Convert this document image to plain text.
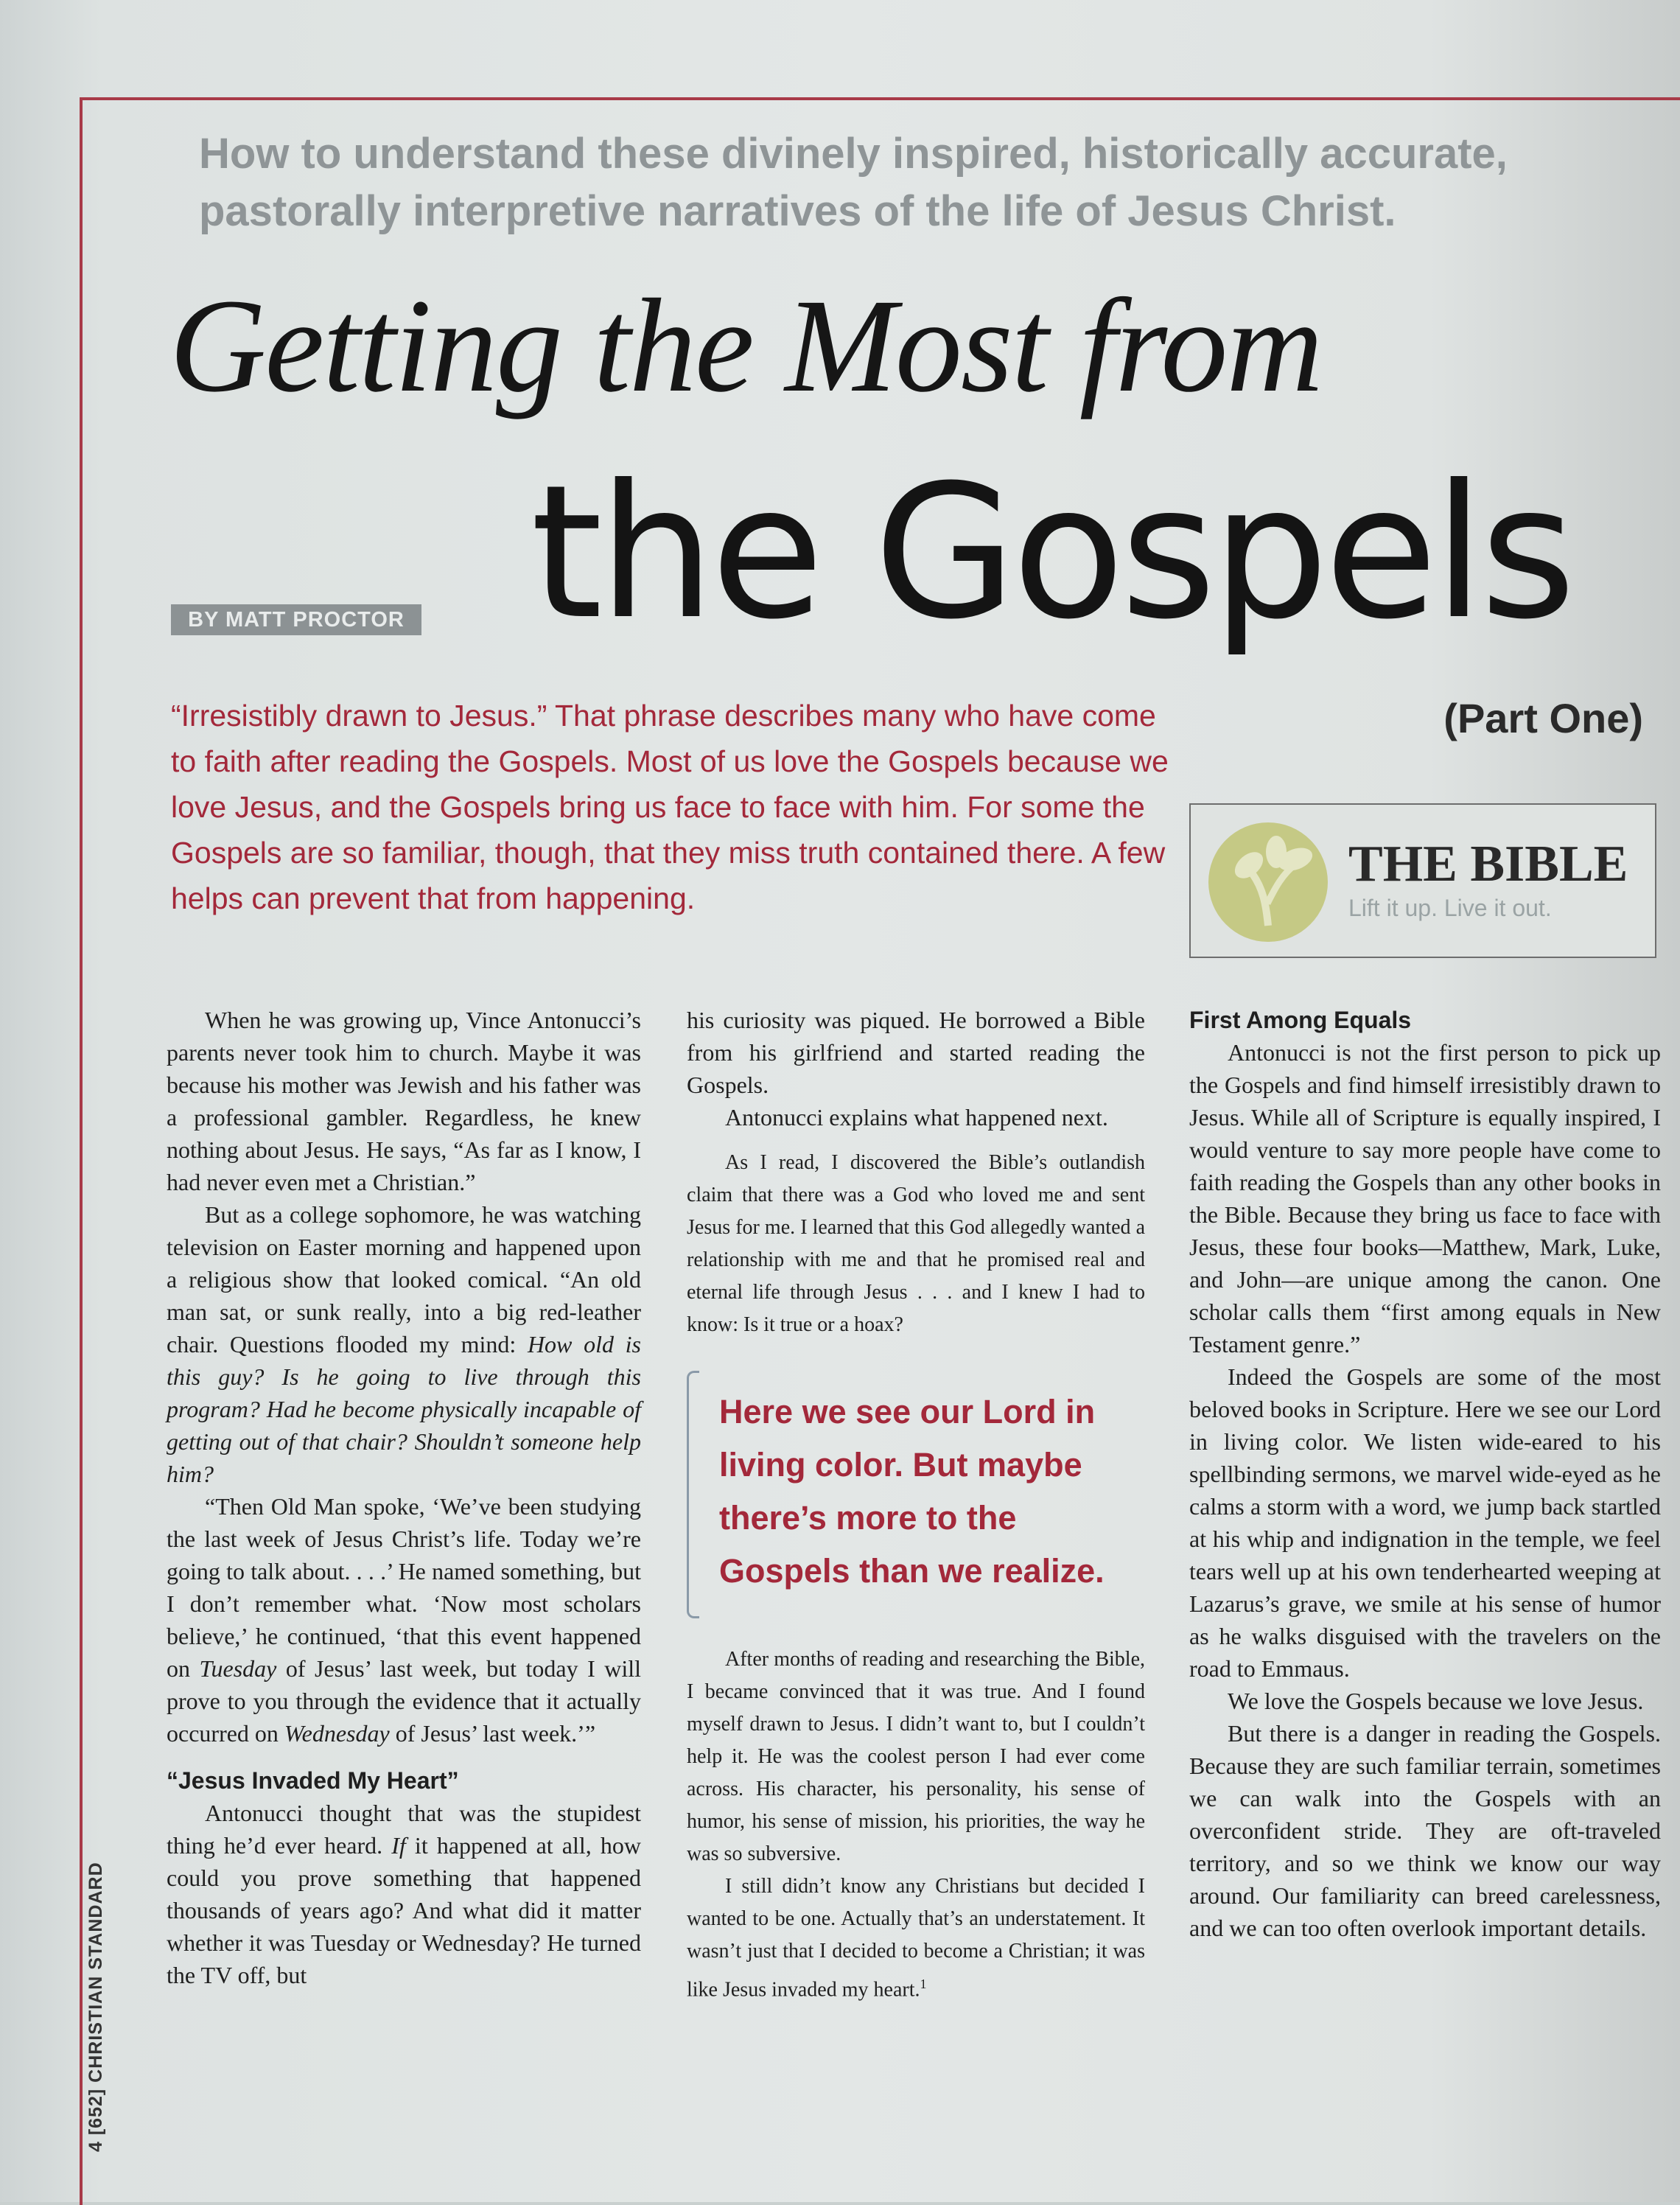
How to understand these divinely inspired, historically accurate, pastorally interpretive narratives of the life of Jesus Christ.
Getting the Most from
the Gospels
BY MATT PROCTOR
(Part One)
“Irresistibly drawn to Jesus.” That phrase describes many who have come to faith after reading the Gospels. Most of us love the Gospels because we love Jesus, and the Gospels bring us face to face with him. For some the Gospels are so familiar, though, that they miss truth contained there. A few helps can prevent that from happening.
THE BIBLE
Lift it up. Live it out.

When he was growing up, Vince Antonucci’s parents never took him to church. Maybe it was because his mother was Jewish and his father was a professional gambler. Regardless, he knew nothing about Jesus. He says, “As far as I know, I had never even met a Christian.”

But as a college sophomore, he was watching television on Easter morning and happened upon a religious show that looked comical. “An old man sat, or sunk really, into a big red-leather chair. Questions flooded my mind: How old is this guy? Is he going to live through this program? Had he become physically incapable of getting out of that chair? Shouldn’t someone help him?

“Then Old Man spoke, ‘We’ve been studying the last week of Jesus Christ’s life. Today we’re going to talk about. . . .’ He named something, but I don’t remember what. ‘Now most scholars believe,’ he continued, ‘that this event happened on Tuesday of Jesus’ last week, but today I will prove to you through the evidence that it actually occurred on Wednesday of Jesus’ last week.’”

“Jesus Invaded My Heart”

Antonucci thought that was the stupidest thing he’d ever heard. If it happened at all, how could you prove something that happened thousands of years ago? And what did it matter whether it was Tuesday or Wednesday? He turned the TV off, but

his curiosity was piqued. He borrowed a Bible from his girlfriend and started reading the Gospels.

Antonucci explains what happened next.

As I read, I discovered the Bible’s outlandish claim that there was a God who loved me and sent Jesus for me. I learned that this God allegedly wanted a relationship with me and that he promised real and eternal life through Jesus . . . and I knew I had to know: Is it true or a hoax?

Here we see our Lord in living color. But maybe there’s more to the Gospels than we realize.

After months of reading and researching the Bible, I became convinced that it was true. And I found myself drawn to Jesus. I didn’t want to, but I couldn’t help it. He was the coolest person I had ever come across. His character, his personality, his sense of humor, his sense of mission, his priorities, the way he was so subversive.

I still didn’t know any Christians but decided I wanted to be one. Actually that’s an understatement. It wasn’t just that I decided to become a Christian; it was like Jesus invaded my heart.$^1$

First Among Equals

Antonucci is not the first person to pick up the Gospels and find himself irresistibly drawn to Jesus. While all of Scripture is equally inspired, I would venture to say more people have come to faith reading the Gospels than any other books in the Bible. Because they bring us face to face with Jesus, these four books—Matthew, Mark, Luke, and John—are unique among the canon. One scholar calls them “first among equals in New Testament genre.”

Indeed the Gospels are some of the most beloved books in Scripture. Here we see our Lord in living color. We listen wide-eared to his spellbinding sermons, we marvel wide-eyed as he calms a storm with a word, we jump back startled at his whip and indignation in the temple, we feel tears well up at his own tenderhearted weeping at Lazarus’s grave, we smile at his sense of humor as he walks disguised with the travelers on the road to Emmaus.

We love the Gospels because we love Jesus.

But there is a danger in reading the Gospels. Because they are such familiar terrain, sometimes we can walk into the Gospels with an overconfident stride. They are oft-traveled territory, and so we think we know our way around. Our familiarity can breed carelessness, and we can too often overlook important details.

4 [652] CHRISTIAN STANDARD
